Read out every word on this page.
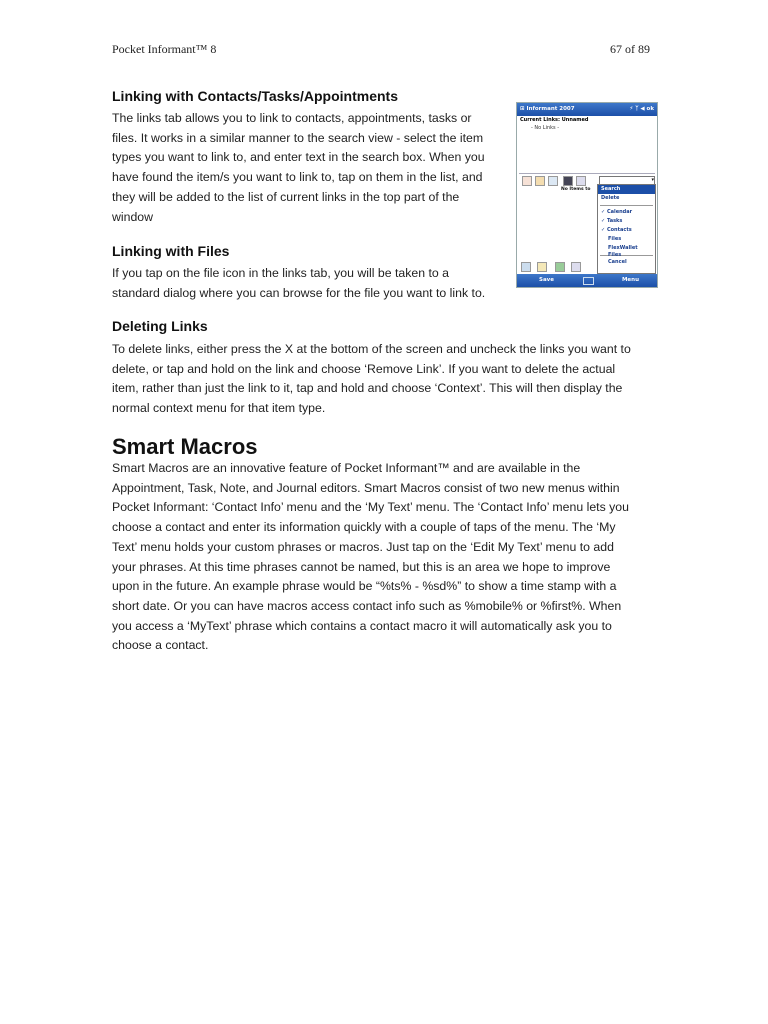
Pocket Informant™ 8	67 of 89
Linking with Contacts/Tasks/Appointments

The links tab allows you to link to contacts, appointments, tasks or
files. It works in a similar manner to the search view - select the item
types you want to link to, and enter text in the search box. When you
have found the item/s you want to link to, tap on them in the list, and
they will be added to the list of current links in the top part of the
window

Linking with Files

If you tap on the file icon in the links tab, you will be taken to a
standard dialog where you can browse for the file you want to link to.

Deleting Links

To delete links, either press the X at the bottom of the screen and uncheck the links you want to
delete, or tap and hold on the link and choose ‘Remove Link’. If you want to delete the actual
item, rather than just the link to it, tap and hold and choose ‘Context’. This will then display the
normal context menu for that item type.

Smart Macros

Smart Macros are an innovative feature of Pocket Informant™ and are available in the
Appointment, Task, Note, and Journal editors. Smart Macros consist of two new menus within
Pocket Informant: ‘Contact Info’ menu and the ‘My Text’ menu. The ‘Contact Info’ menu lets you
choose a contact and enter its information quickly with a couple of taps of the menu. The ‘My
Text’ menu holds your custom phrases or macros. Just tap on the ‘Edit My Text’ menu to add
your phrases. At this time phrases cannot be named, but this is an area we hope to improve
upon in the future. An example phrase would be “%ts% - %sd%” to show a time stamp with a
short date. Or you can have macros access contact info such as %mobile% or %first%. When
you access a ‘MyText’ phrase which contains a contact macro it will automatically ask you to
choose a contact.

⊞ Informant 2007	⚡ ᛉ ◀ ok
Current Links: Unnamed
- No Links -
▾
No Items to	Search
Delete
✓ Calendar
✓ Tasks
✓ Contacts
Files
FlexWallet Files
Cancel
Save	Menu
